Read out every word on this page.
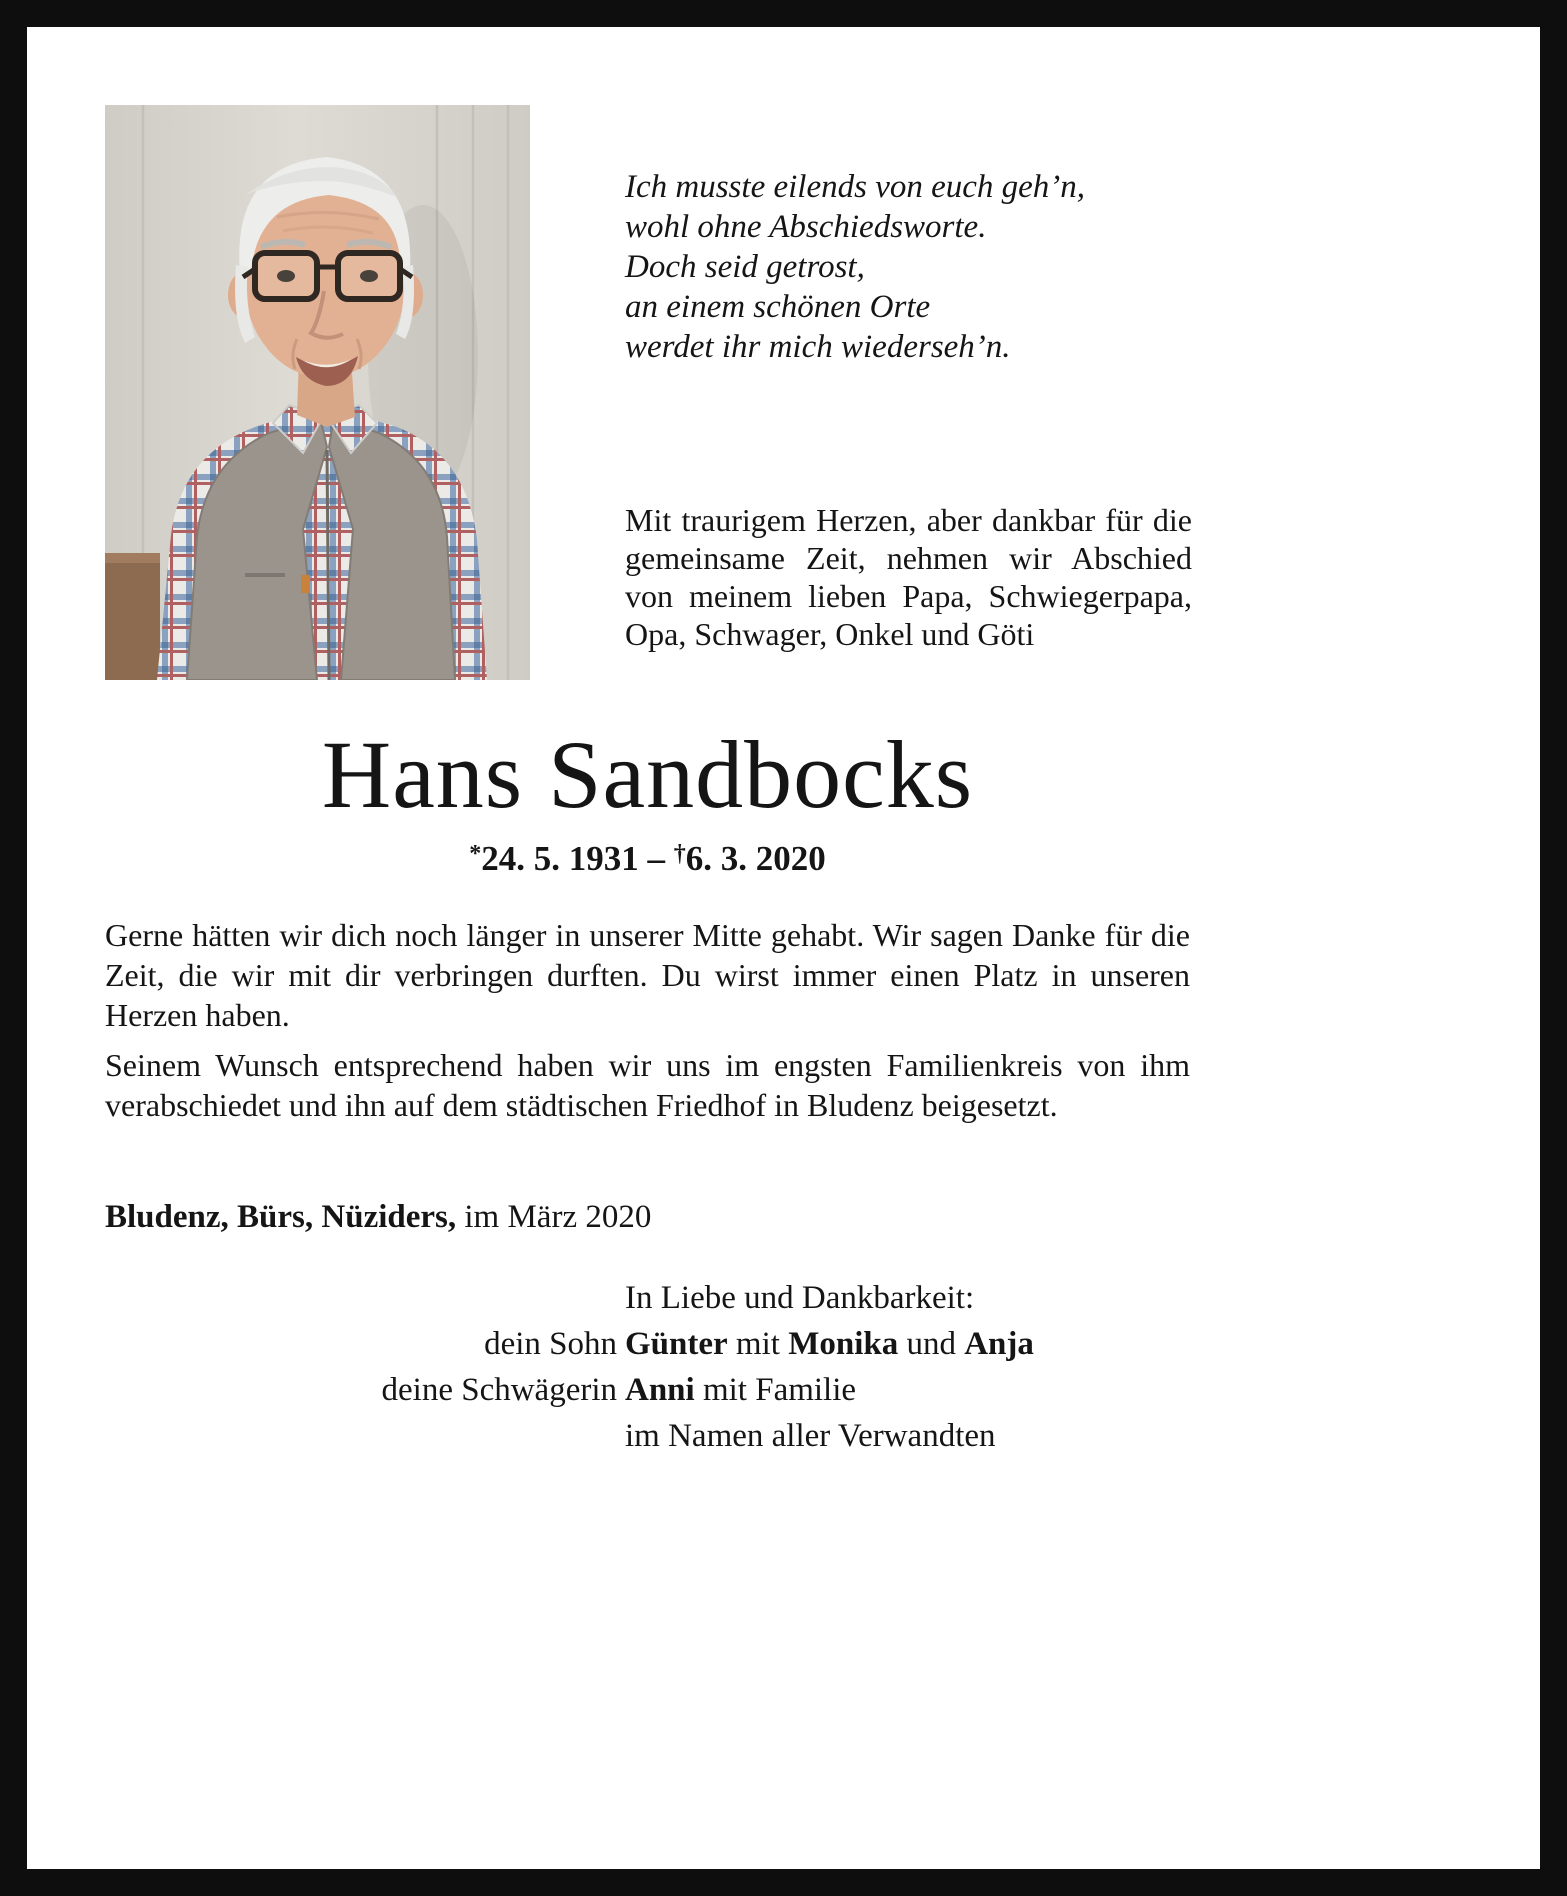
Ich musste eilends von euch geh’n,
wohl ohne Abschiedsworte.
Doch seid getrost,
an einem schönen Orte
werdet ihr mich wiederseh’n.
Mit traurigem Herzen, aber dankbar für die gemeinsame Zeit, nehmen wir Abschied von meinem lieben Papa, Schwiegerpapa, Opa, Schwager, Onkel und Göti
Hans Sandbocks
*24. 5. 1931 – †6. 3. 2020

Gerne hätten wir dich noch länger in unserer Mitte gehabt. Wir sagen Danke für die Zeit, die wir mit dir verbringen durften. Du wirst immer einen Platz in unseren Herzen haben.

Seinem Wunsch entsprechend haben wir uns im engsten Familienkreis von ihm verabschiedet und ihn auf dem städtischen Friedhof in Bludenz beigesetzt.

Bludenz, Bürs, Nüziders, im März 2020
In Liebe und Dankbarkeit:
dein Sohn Günter mit Monika und Anja
deine Schwägerin Anni mit Familie
im Namen aller Verwandten
